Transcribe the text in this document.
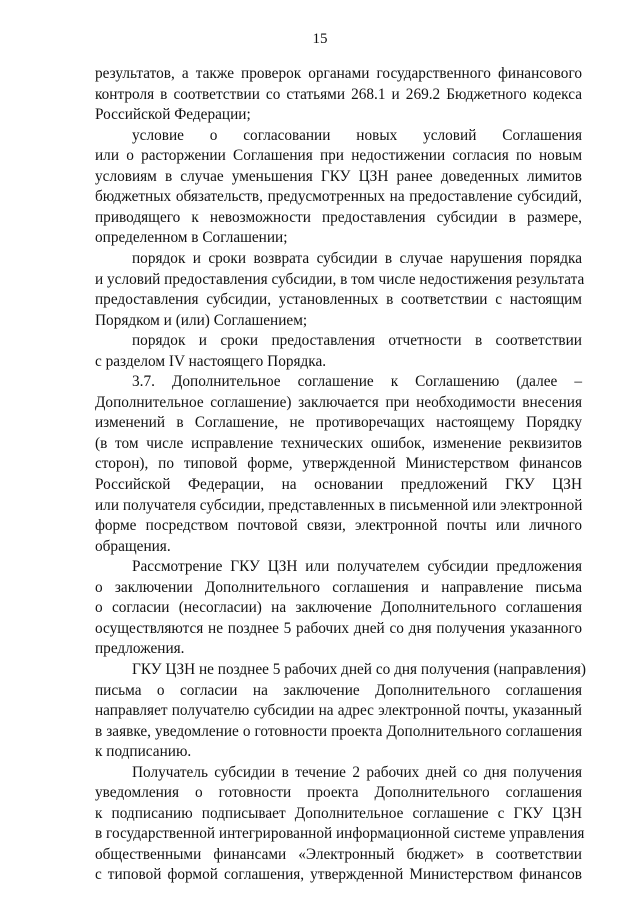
15
результатов, а также проверок органами государственного финансового
контроля в соответствии со статьями 268.1 и 269.2 Бюджетного кодекса
Российской Федерации;
условие о согласовании новых условий Соглашения
или о расторжении Соглашения при недостижении согласия по новым
условиям в случае уменьшения ГКУ ЦЗН ранее доведенных лимитов
бюджетных обязательств, предусмотренных на предоставление субсидий,
приводящего к невозможности предоставления субсидии в размере,
определенном в Соглашении;
порядок и сроки возврата субсидии в случае нарушения порядка
и условий предоставления субсидии, в том числе недостижения результата
предоставления субсидии, установленных в соответствии с настоящим
Порядком и (или) Соглашением;
порядок и сроки предоставления отчетности в соответствии
с разделом IV настоящего Порядка.
3.7. Дополнительное соглашение к Соглашению (далее –
Дополнительное соглашение) заключается при необходимости внесения
изменений в Соглашение, не противоречащих настоящему Порядку
(в том числе исправление технических ошибок, изменение реквизитов
сторон), по типовой форме, утвержденной Министерством финансов
Российской Федерации, на основании предложений ГКУ ЦЗН
или получателя субсидии, представленных в письменной или электронной
форме посредством почтовой связи, электронной почты или личного
обращения.
Рассмотрение ГКУ ЦЗН или получателем субсидии предложения
о заключении Дополнительного соглашения и направление письма
о согласии (несогласии) на заключение Дополнительного соглашения
осуществляются не позднее 5 рабочих дней со дня получения указанного
предложения.
ГКУ ЦЗН не позднее 5 рабочих дней со дня получения (направления)
письма о согласии на заключение Дополнительного соглашения
направляет получателю субсидии на адрес электронной почты, указанный
в заявке, уведомление о готовности проекта Дополнительного соглашения
к подписанию.
Получатель субсидии в течение 2 рабочих дней со дня получения
уведомления о готовности проекта Дополнительного соглашения
к подписанию подписывает Дополнительное соглашение с ГКУ ЦЗН
в государственной интегрированной информационной системе управления
общественными финансами «Электронный бюджет» в соответствии
с типовой формой соглашения, утвержденной Министерством финансов
